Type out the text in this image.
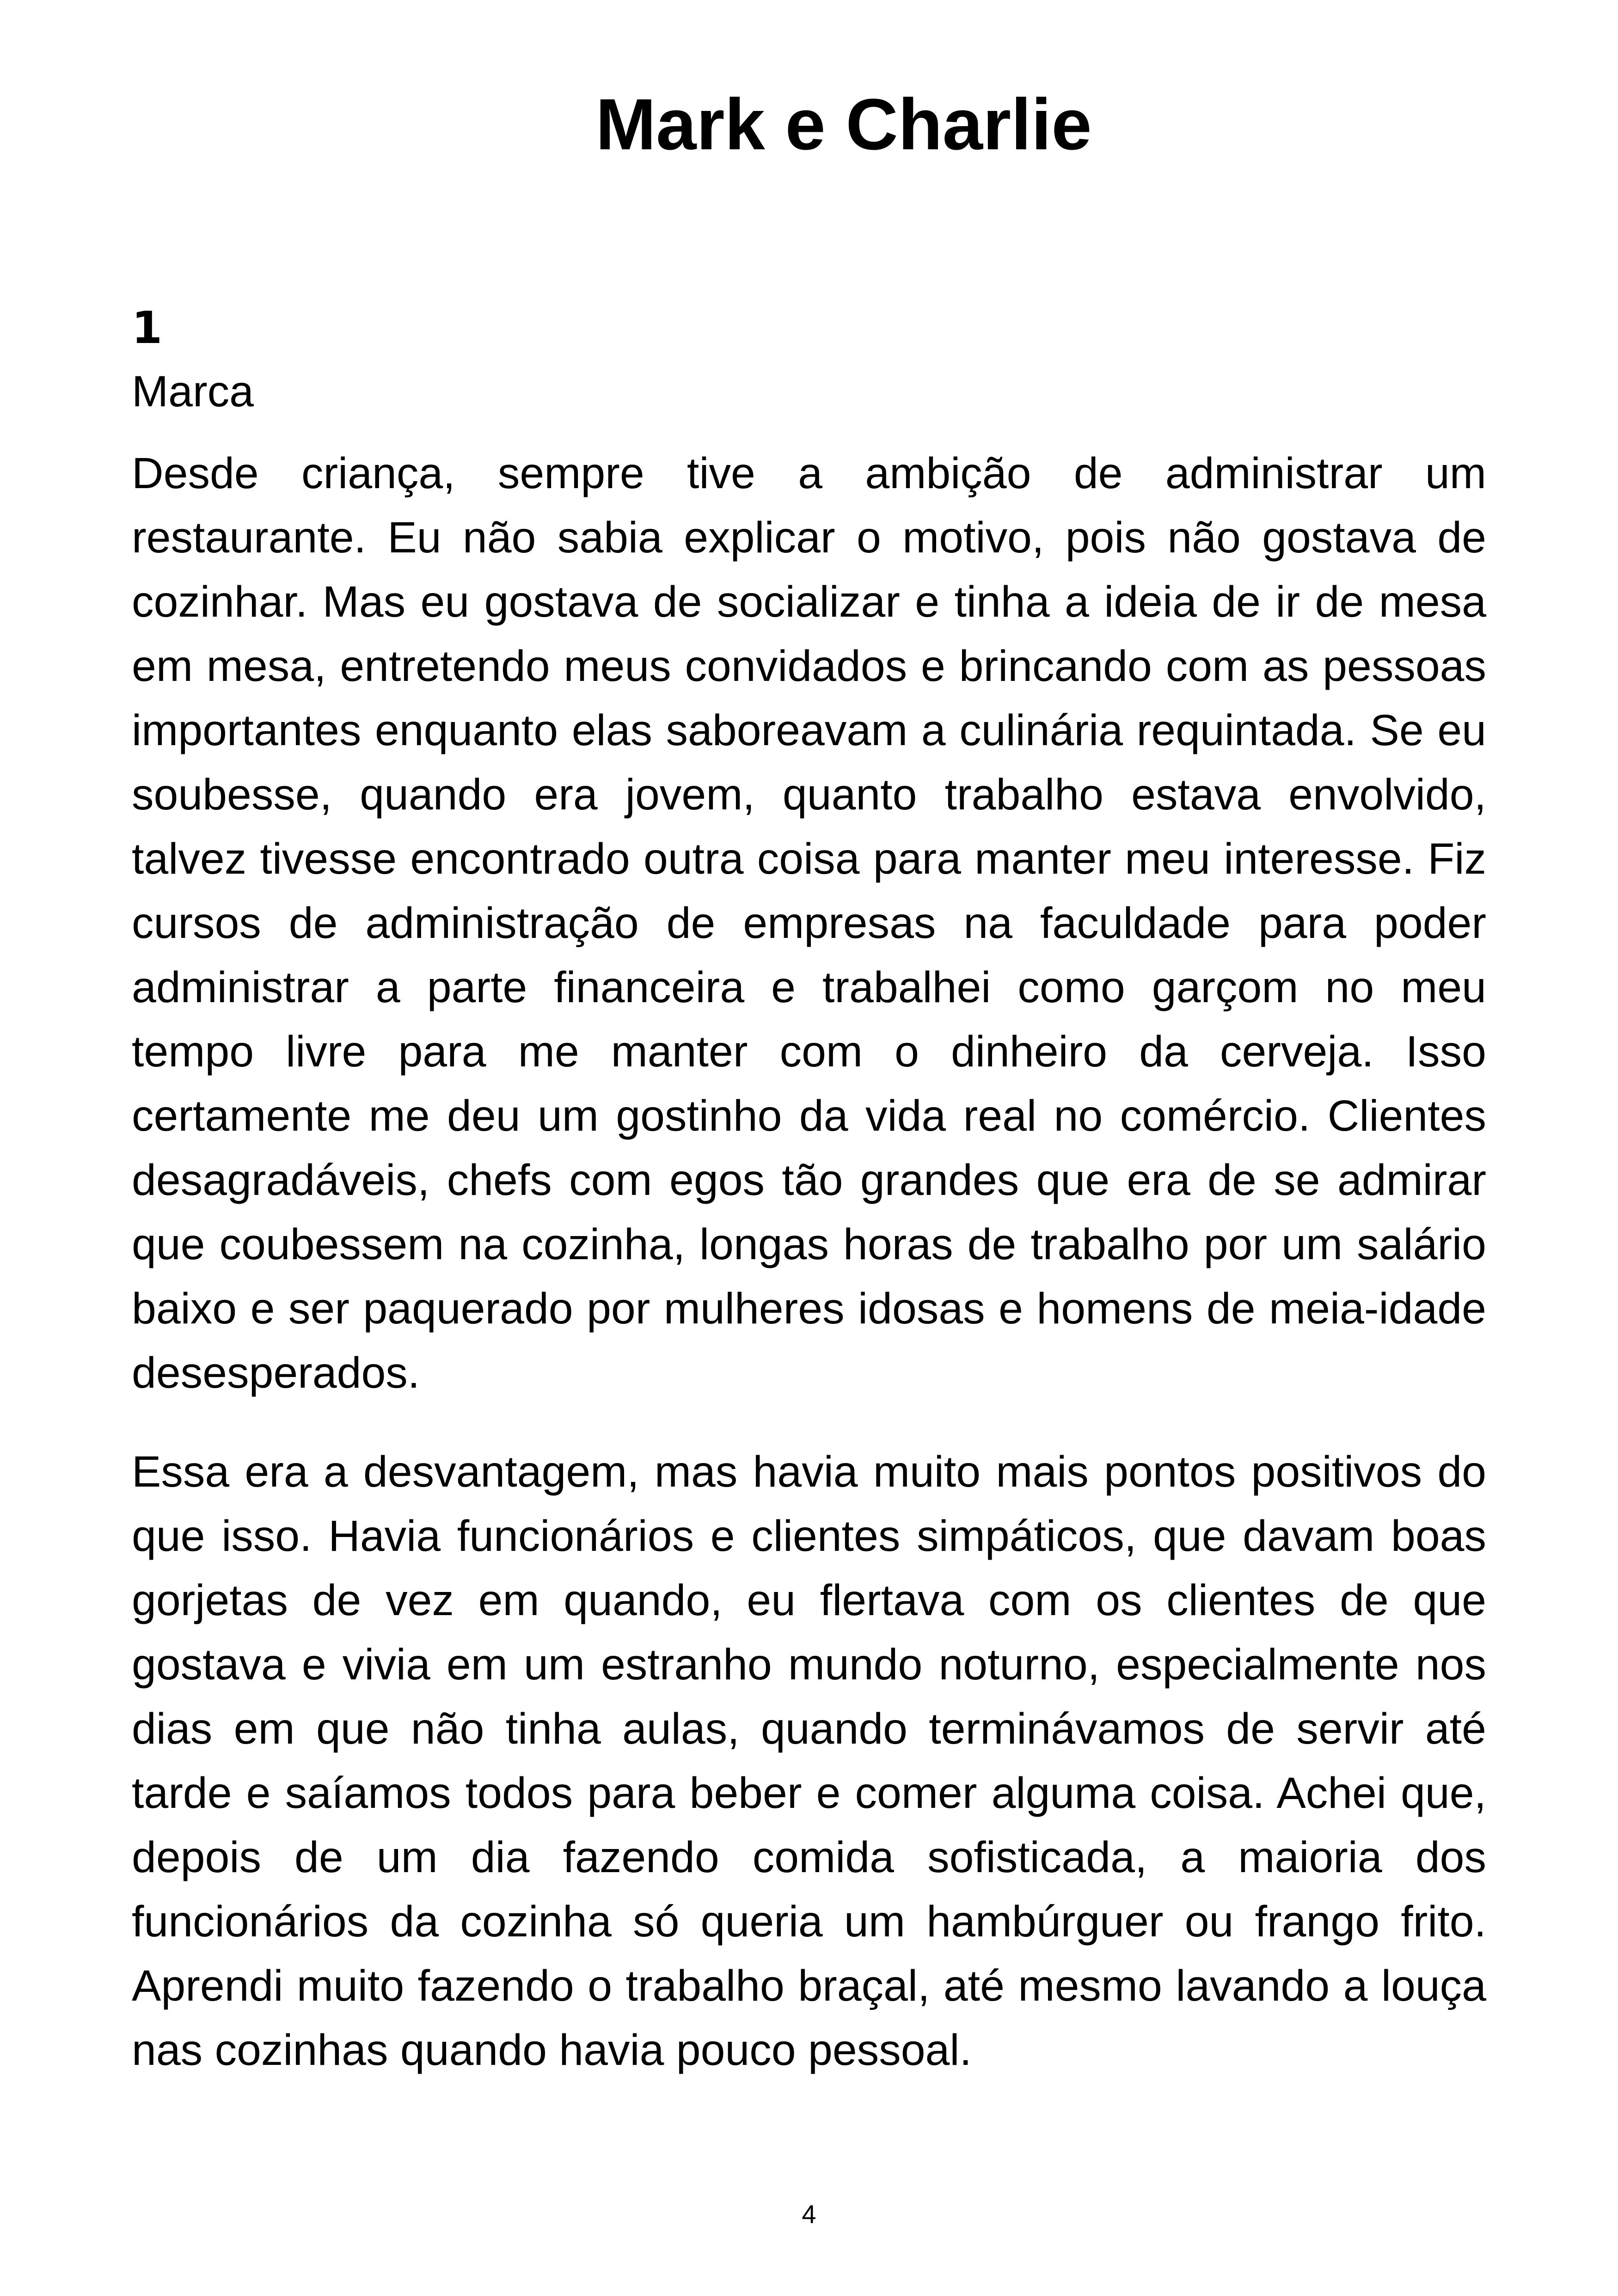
Mark e Charlie
1
Marca

Desde criança, sempre tive a ambição de administrar um restaurante. Eu não sabia explicar o motivo, pois não gostava de cozinhar. Mas eu gostava de socializar e tinha a ideia de ir de mesa em mesa, entretendo meus convidados e brincando com as pessoas importantes enquanto elas saboreavam a culinária requintada. Se eu soubesse, quando era jovem, quanto trabalho estava envolvido, talvez tivesse encontrado outra coisa para manter meu interesse. Fiz cursos de administração de empresas na faculdade para poder administrar a parte financeira e trabalhei como garçom no meu tempo livre para me manter com o dinheiro da cerveja. Isso certamente me deu um gostinho da vida real no comércio. Clientes desagradáveis, chefs com egos tão grandes que era de se admirar que coubessem na cozinha, longas horas de trabalho por um salário baixo e ser paquerado por mulheres idosas e homens de meia-idade desesperados.

Essa era a desvantagem, mas havia muito mais pontos positivos do que isso. Havia funcionários e clientes simpáticos, que davam boas gorjetas de vez em quando, eu flertava com os clientes de que gostava e vivia em um estranho mundo noturno, especialmente nos dias em que não tinha aulas, quando terminávamos de servir até tarde e saíamos todos para beber e comer alguma coisa. Achei que, depois de um dia fazendo comida sofisticada, a maioria dos funcionários da cozinha só queria um hambúrguer ou frango frito. Aprendi muito fazendo o trabalho braçal, até mesmo lavando a louça nas cozinhas quando havia pouco pessoal.

4
